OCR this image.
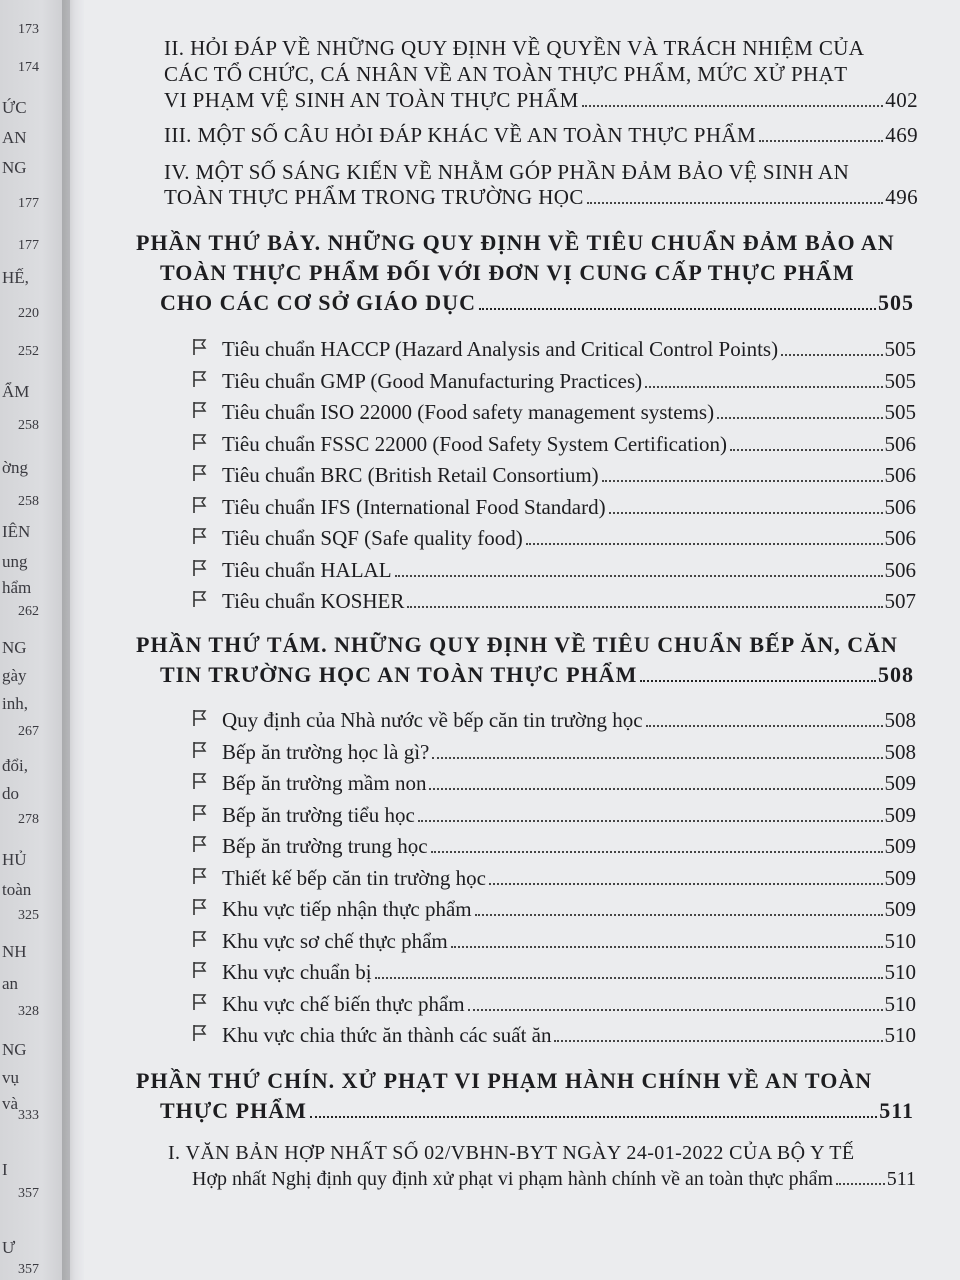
173
174
ỨC
AN
NG
177
177
HẾ,
220
252
ẨM
258
ờng
258
IÊN
ung
hẩm
262
NG
gày
inh,
267
đổi,
do
278
HỦ
toàn
325
NH
an
328
NG
vụ
và
333
I
357
Ư
357
II. HỎI ĐÁP VỀ NHỮNG QUY ĐỊNH VỀ QUYỀN VÀ TRÁCH NHIỆM CỦA
CÁC TỔ CHỨC, CÁ NHÂN VỀ AN TOÀN THỰC PHẨM, MỨC XỬ PHẠT
VI PHẠM VỆ SINH AN TOÀN THỰC PHẨM	402
III. MỘT SỐ CÂU HỎI ĐÁP KHÁC VỀ AN TOÀN THỰC PHẨM	469
IV. MỘT SỐ SÁNG KIẾN VỀ NHẰM GÓP PHẦN ĐẢM BẢO VỆ SINH AN
TOÀN THỰC PHẨM TRONG TRƯỜNG HỌC	496
PHẦN THỨ BẢY. NHỮNG QUY ĐỊNH VỀ TIÊU CHUẨN ĐẢM BẢO AN
TOÀN THỰC PHẨM ĐỐI VỚI ĐƠN VỊ CUNG CẤP THỰC PHẨM
CHO CÁC CƠ SỞ GIÁO DỤC	505
Tiêu chuẩn HACCP (Hazard Analysis and Critical Control Points)	505
Tiêu chuẩn GMP (Good Manufacturing Practices)	505
Tiêu chuẩn ISO 22000 (Food safety management systems)	505
Tiêu chuẩn FSSC 22000 (Food Safety System Certification)	506
Tiêu chuẩn BRC (British Retail Consortium)	506
Tiêu chuẩn IFS (International Food Standard)	506
Tiêu chuẩn SQF (Safe quality food)	506
Tiêu chuẩn HALAL	506
Tiêu chuẩn KOSHER	507
PHẦN THỨ TÁM. NHỮNG QUY ĐỊNH VỀ TIÊU CHUẨN BẾP ĂN, CĂN
TIN TRƯỜNG HỌC AN TOÀN THỰC PHẨM	508
Quy định của Nhà nước về bếp căn tin trường học	508
Bếp ăn trường học là gì?	508
Bếp ăn trường mầm non	509
Bếp ăn trường tiểu học	509
Bếp ăn trường trung học	509
Thiết kế bếp căn tin trường học	509
Khu vực tiếp nhận thực phẩm	509
Khu vực sơ chế thực phẩm	510
Khu vực chuẩn bị	510
Khu vực chế biến thực phẩm	510
Khu vực chia thức ăn thành các suất ăn	510
PHẦN THỨ CHÍN. XỬ PHẠT VI PHẠM HÀNH CHÍNH VỀ AN TOÀN
THỰC PHẨM	511
I. VĂN BẢN HỢP NHẤT SỐ 02/VBHN-BYT NGÀY 24-01-2022 CỦA BỘ Y TẾ
Hợp nhất Nghị định quy định xử phạt vi phạm hành chính về an toàn thực phẩm	511
